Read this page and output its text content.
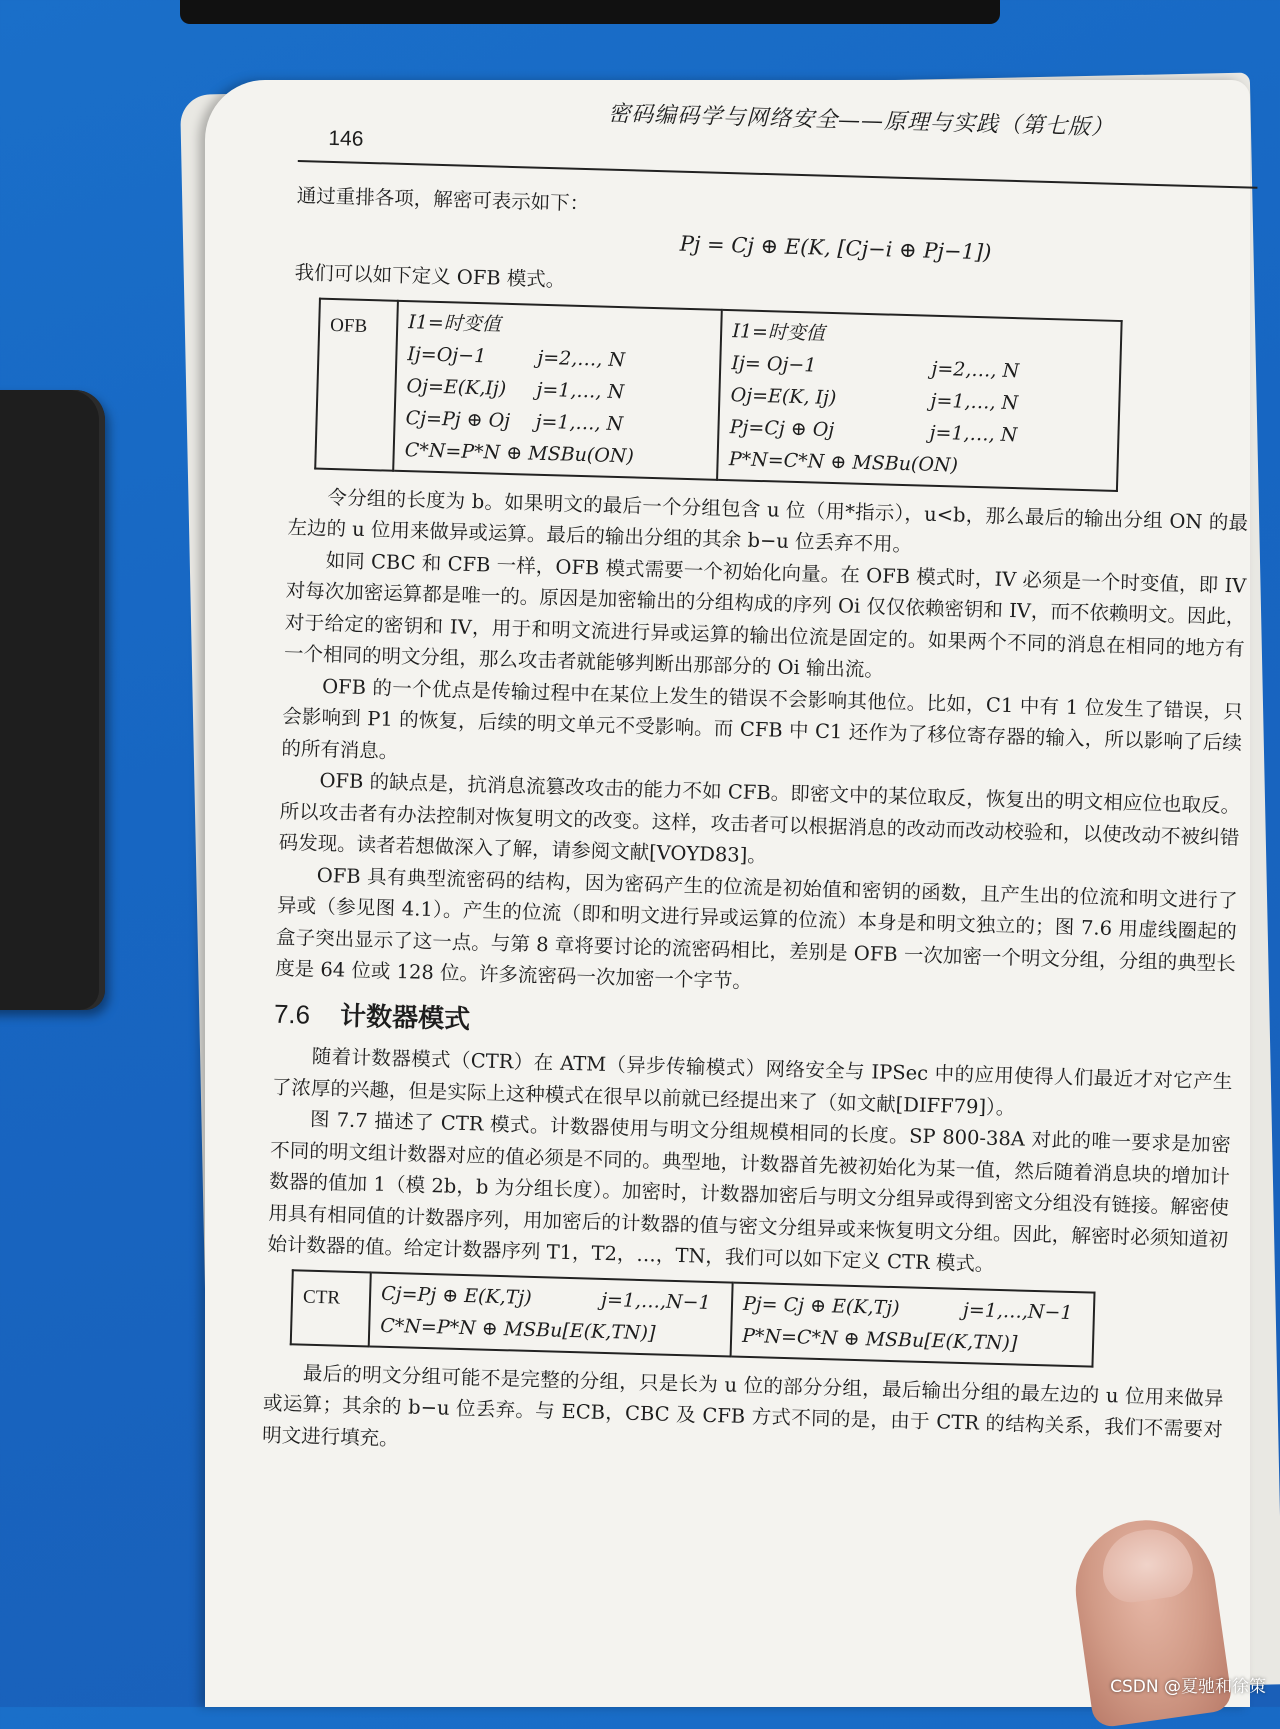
146	密码编码学与网络安全——原理与实践（第七版）

通过重排各项，解密可表示如下：

Pj = Cj ⊕ E(K, [Cj−i ⊕ Pj−1])

我们可以如下定义 OFB 模式。

OFB	I1=时变值
Ij=Oj−1	j=2,…, N
Oj=E(K,Ij)	j=1,…, N
Cj=Pj ⊕ Oj	j=1,…, N
C*N=P*N ⊕ MSBu(ON)

I1=时变值
Ij= Oj−1	j=2,…, N
Oj=E(K, Ij)	j=1,…, N
Pj=Cj ⊕ Oj	j=1,…, N
P*N=C*N ⊕ MSBu(ON)

令分组的长度为 b。如果明文的最后一个分组包含 u 位（用*指示），u<b，那么最后的输出分组 ON 的最左边的 u 位用来做异或运算。最后的输出分组的其余 b−u 位丢弃不用。

如同 CBC 和 CFB 一样，OFB 模式需要一个初始化向量。在 OFB 模式时，IV 必须是一个时变值，即 IV 对每次加密运算都是唯一的。原因是加密输出的分组构成的序列 Oi 仅仅依赖密钥和 IV，而不依赖明文。因此，对于给定的密钥和 IV，用于和明文流进行异或运算的输出位流是固定的。如果两个不同的消息在相同的地方有一个相同的明文分组，那么攻击者就能够判断出那部分的 Oi 输出流。

OFB 的一个优点是传输过程中在某位上发生的错误不会影响其他位。比如，C1 中有 1 位发生了错误，只会影响到 P1 的恢复，后续的明文单元不受影响。而 CFB 中 C1 还作为了移位寄存器的输入，所以影响了后续的所有消息。

OFB 的缺点是，抗消息流篡改攻击的能力不如 CFB。即密文中的某位取反，恢复出的明文相应位也取反。所以攻击者有办法控制对恢复明文的改变。这样，攻击者可以根据消息的改动而改动校验和，以使改动不被纠错码发现。读者若想做深入了解，请参阅文献[VOYD83]。

OFB 具有典型流密码的结构，因为密码产生的位流是初始值和密钥的函数，且产生出的位流和明文进行了异或（参见图 4.1）。产生的位流（即和明文进行异或运算的位流）本身是和明文独立的；图 7.6 用虚线圈起的盒子突出显示了这一点。与第 8 章将要讨论的流密码相比，差别是 OFB 一次加密一个明文分组，分组的典型长度是 64 位或 128 位。许多流密码一次加密一个字节。

7.6 计数器模式

随着计数器模式（CTR）在 ATM（异步传输模式）网络安全与 IPSec 中的应用使得人们最近才对它产生了浓厚的兴趣，但是实际上这种模式在很早以前就已经提出来了（如文献[DIFF79]）。

图 7.7 描述了 CTR 模式。计数器使用与明文分组规模相同的长度。SP 800-38A 对此的唯一要求是加密不同的明文组计数器对应的值必须是不同的。典型地，计数器首先被初始化为某一值，然后随着消息块的增加计数器的值加 1（模 2b，b 为分组长度）。加密时，计数器加密后与明文分组异或得到密文分组没有链接。解密使用具有相同值的计数器序列，用加密后的计数器的值与密文分组异或来恢复明文分组。因此，解密时必须知道初始计数器的值。给定计数器序列 T1，T2，…，TN，我们可以如下定义 CTR 模式。

CTR	Cj=Pj ⊕ E(K,Tj)	j=1,…,N−1
C*N=P*N ⊕ MSBu[E(K,TN)]

Pj= Cj ⊕ E(K,Tj)	j=1,…,N−1
P*N=C*N ⊕ MSBu[E(K,TN)]

最后的明文分组可能不是完整的分组，只是长为 u 位的部分分组，最后输出分组的最左边的 u 位用来做异或运算；其余的 b−u 位丢弃。与 ECB，CBC 及 CFB 方式不同的是，由于 CTR 的结构关系，我们不需要对明文进行填充。

CSDN @夏驰和徐策
